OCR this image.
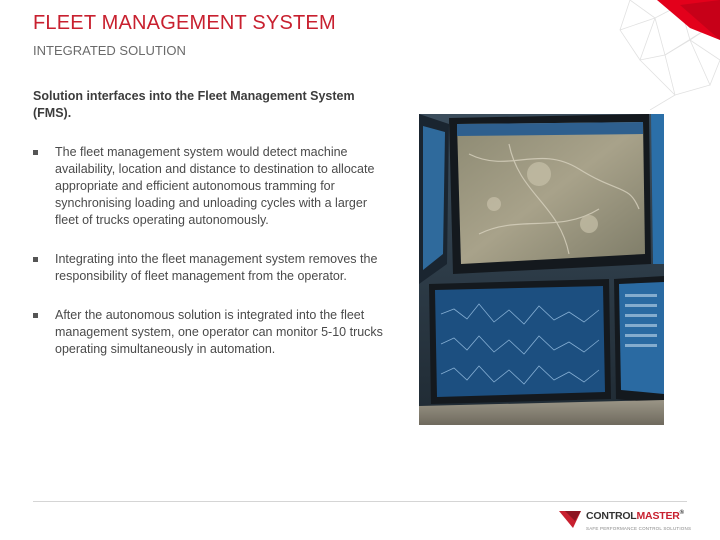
FLEET MANAGEMENT SYSTEM
INTEGRATED SOLUTION
Solution interfaces into the Fleet Management System (FMS).
The fleet management system would detect machine availability, location and distance to destination to allocate appropriate and efficient autonomous tramming for synchronising loading and unloading cycles with a larger fleet of trucks operating autonomously.
Integrating into the fleet management system removes the responsibility of fleet management from the operator.
After the autonomous solution is integrated into the fleet management system, one operator can monitor 5-10 trucks operating simultaneously in automation.
CONTROLMASTER®
SAFE PERFORMANCE CONTROL SOLUTIONS
